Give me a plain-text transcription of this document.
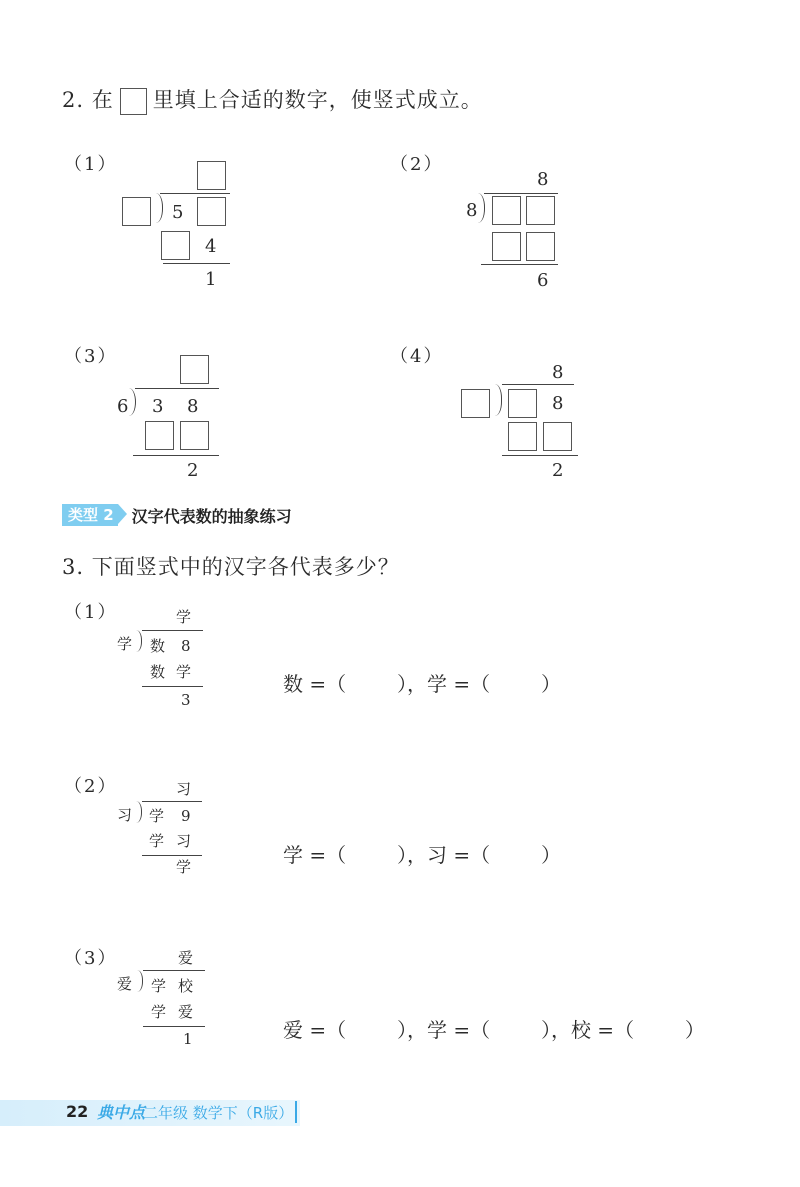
2. 在 里填上合适的数字，使竖式成立。
（1）
5
4
1
（2）
8
8
6
（3）
6 3 8
2
（4）
8
8
2
类型 2 汉字代表数的抽象练习
3. 下面竖式中的汉字各代表多少？
（1）	学
学 数 8
数 学
3
数 =（        ），学 =（        ）
（2）	习
习 学 9
学 习
学	学 =（        ），习 =（        ）
（3）	爱
爱 学 校
学 爱
1	爱 =（        ），学 =（        ），校 =（        ）
22 典中点
二年级 数学下（R版）
